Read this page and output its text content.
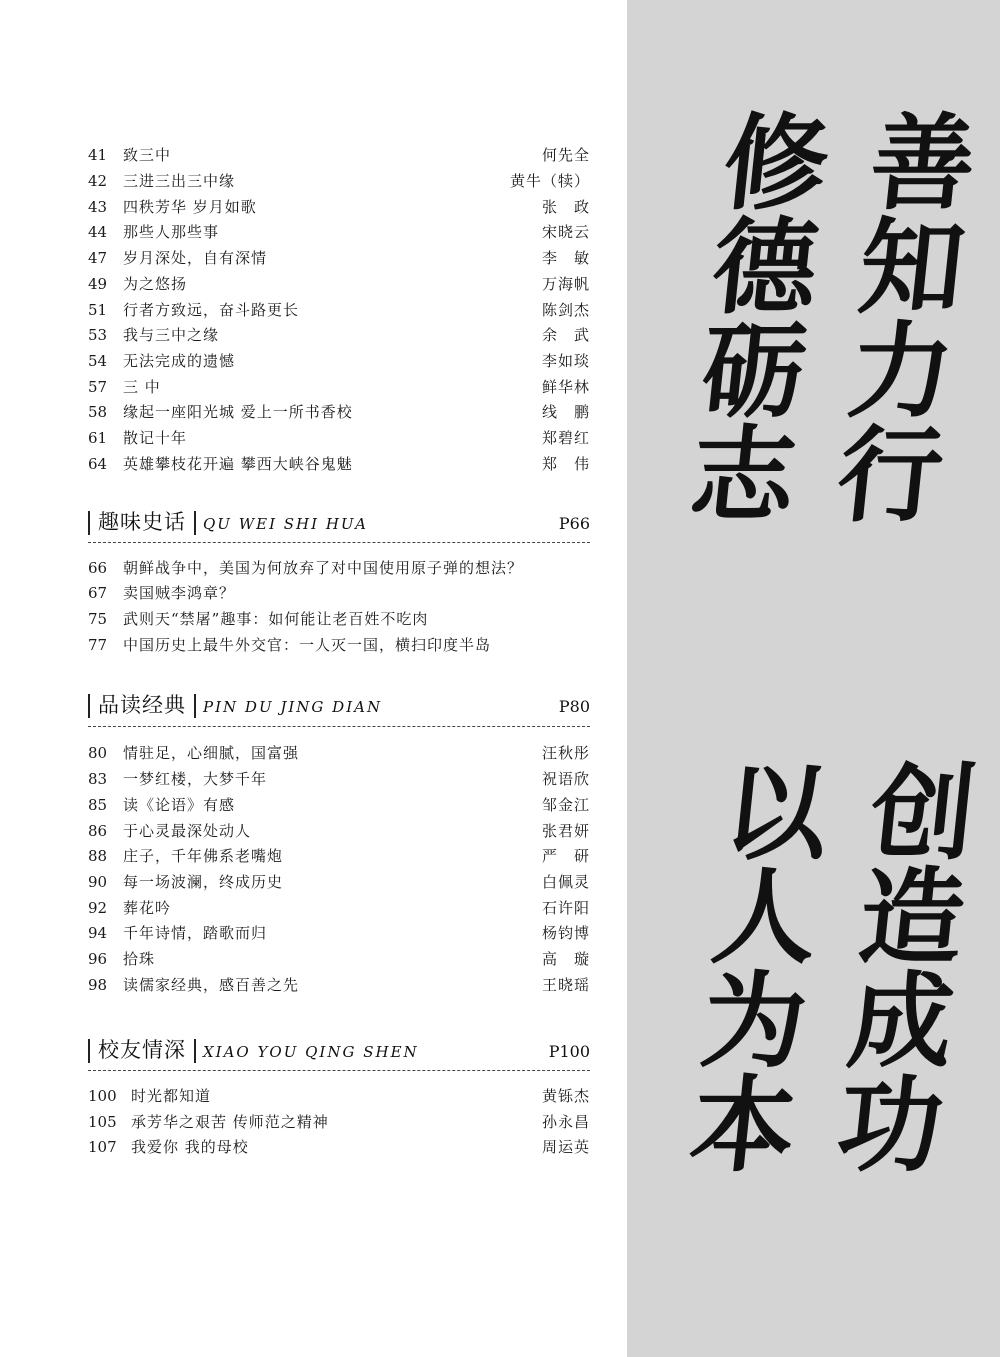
41 致三中	何先全
42 三进三出三中缘	黄牛（犊）
43 四秩芳华 岁月如歌	张　政
44 那些人那些事	宋晓云
47 岁月深处，自有深情	李　敏
49 为之悠扬	万海帆
51 行者方致远，奋斗路更长	陈剑杰
53 我与三中之缘	余　武
54 无法完成的遗憾	李如琰
57 三 中	鲜华林
58 缘起一座阳光城 爱上一所书香校	线　鹏
61 散记十年	郑碧红
64 英雄攀枝花开遍 攀西大峡谷鬼魅	郑　伟
趣味史话 QU WEI SHI HUA	P66
66 朝鲜战争中，美国为何放弃了对中国使用原子弹的想法？
67 卖国贼李鸿章？
75 武则天“禁屠”趣事：如何能让老百姓不吃肉
77 中国历史上最牛外交官：一人灭一国，横扫印度半岛
品读经典 PIN DU JING DIAN	P80
80 情驻足，心细腻，国富强	汪秋彤
83 一梦红楼，大梦千年	祝语欣
85 读《论语》有感	邹金江
86 于心灵最深处动人	张君妍
88 庄子，千年佛系老嘴炮	严　研
90 每一场波澜，终成历史	白佩灵
92 葬花吟	石许阳
94 千年诗情，踏歌而归	杨钧博
96 拾珠	高　璇
98 读儒家经典，感百善之先	王晓瑶
校友情深 XIAO YOU QING SHEN	P100
100 时光都知道	黄铄杰
105 承芳华之艰苦 传师范之精神	孙永昌
107 我爱你 我的母校	周运英
善知力行
修德砺志
创造成功
以人为本
